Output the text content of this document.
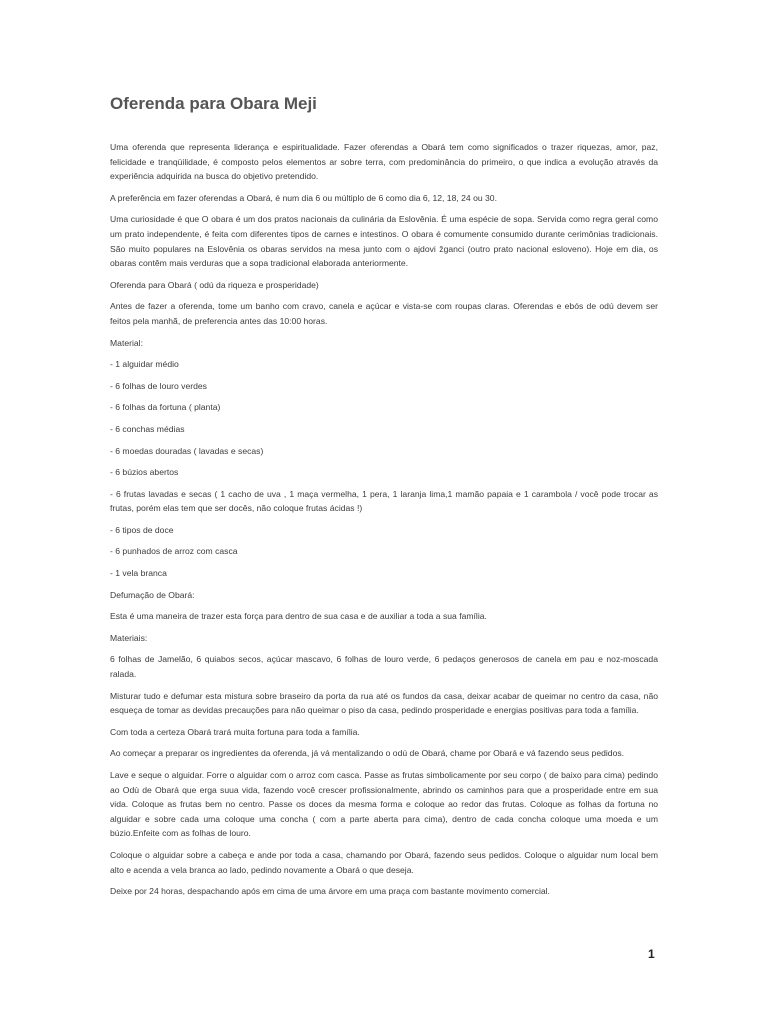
Oferenda para Obara Meji

Uma oferenda que representa liderança e espiritualidade. Fazer oferendas a Obará tem como significados o trazer riquezas, amor, paz, felicidade e tranqüilidade, é composto pelos elementos ar sobre terra, com predominância do primeiro, o que indica a evolução através da experiência adquirida na busca do objetivo pretendido.

A preferência em fazer oferendas a Obará, é num dia 6 ou múltiplo de 6 como dia 6, 12, 18, 24 ou 30.

Uma curiosidade é que O obara é um dos pratos nacionais da culinária da Eslovênia. É uma espécie de sopa. Servida como regra geral como um prato independente, é feita com diferentes tipos de carnes e intestinos. O obara é comumente consumido durante cerimônias tradicionais. São muito populares na Eslovênia os obaras servidos na mesa junto com o ajdovi žganci (outro prato nacional esloveno). Hoje em dia, os obaras contêm mais verduras que a sopa tradicional elaborada anteriormente.

Oferenda para Obará ( odú da riqueza e prosperidade)

Antes de fazer a oferenda, tome um banho com cravo, canela e açúcar e vista-se com roupas claras. Oferendas e ebós de odú devem ser feitos pela manhã, de preferencia antes das 10:00 horas.

Material:

- 1 alguidar médio

- 6 folhas de louro verdes

- 6 folhas da fortuna ( planta)

- 6 conchas médias

- 6 moedas douradas ( lavadas e secas)

- 6 búzios abertos

- 6 frutas lavadas e secas ( 1 cacho de uva , 1 maça vermelha, 1 pera, 1 laranja lima,1 mamão papaia e 1 carambola / você pode trocar as frutas, porém elas tem que ser docês, não coloque frutas ácidas !)

- 6 tipos de doce

- 6 punhados de arroz com casca

- 1 vela branca

Defumação de Obará:

Esta é uma maneira de trazer esta força para dentro de sua casa e de auxiliar a toda a sua família.

Materiais:

6 folhas de Jamelão, 6 quiabos secos, açúcar mascavo, 6 folhas de louro verde, 6 pedaços generosos de canela em pau e noz-moscada ralada.

Misturar tudo e defumar esta mistura sobre braseiro da porta da rua até os fundos da casa, deixar acabar de queimar no centro da casa, não esqueça de tomar as devidas precauções para não queimar o piso da casa, pedindo prosperidade e energias positivas para toda a família.

Com toda a certeza Obará trará muita fortuna para toda a família.

Ao começar a preparar os ingredientes da oferenda, já vá mentalizando o odú de Obará, chame por Obará e vá fazendo seus pedidos.

Lave e seque o alguidar. Forre o alguidar com o arroz com casca. Passe as frutas simbolicamente por seu corpo ( de baixo para cima) pedindo ao Odù de Obará que erga suua vida, fazendo você crescer profissionalmente, abrindo os caminhos para que a prosperidade entre em sua vida. Coloque as frutas bem no centro. Passe os doces da mesma forma e coloque ao redor das frutas. Coloque as folhas da fortuna no alguidar e sobre cada uma coloque uma concha ( com a parte aberta para cima), dentro de cada concha coloque uma moeda e um búzio.Enfeite com as folhas de louro.

Coloque o alguidar sobre a cabeça e ande por toda a casa, chamando por Obará, fazendo seus pedidos. Coloque o alguidar num local bem alto e acenda a vela branca ao lado, pedindo novamente a Obará o que deseja.

Deixe por 24 horas, despachando após em cima de uma árvore em uma praça com bastante movimento comercial.

1
